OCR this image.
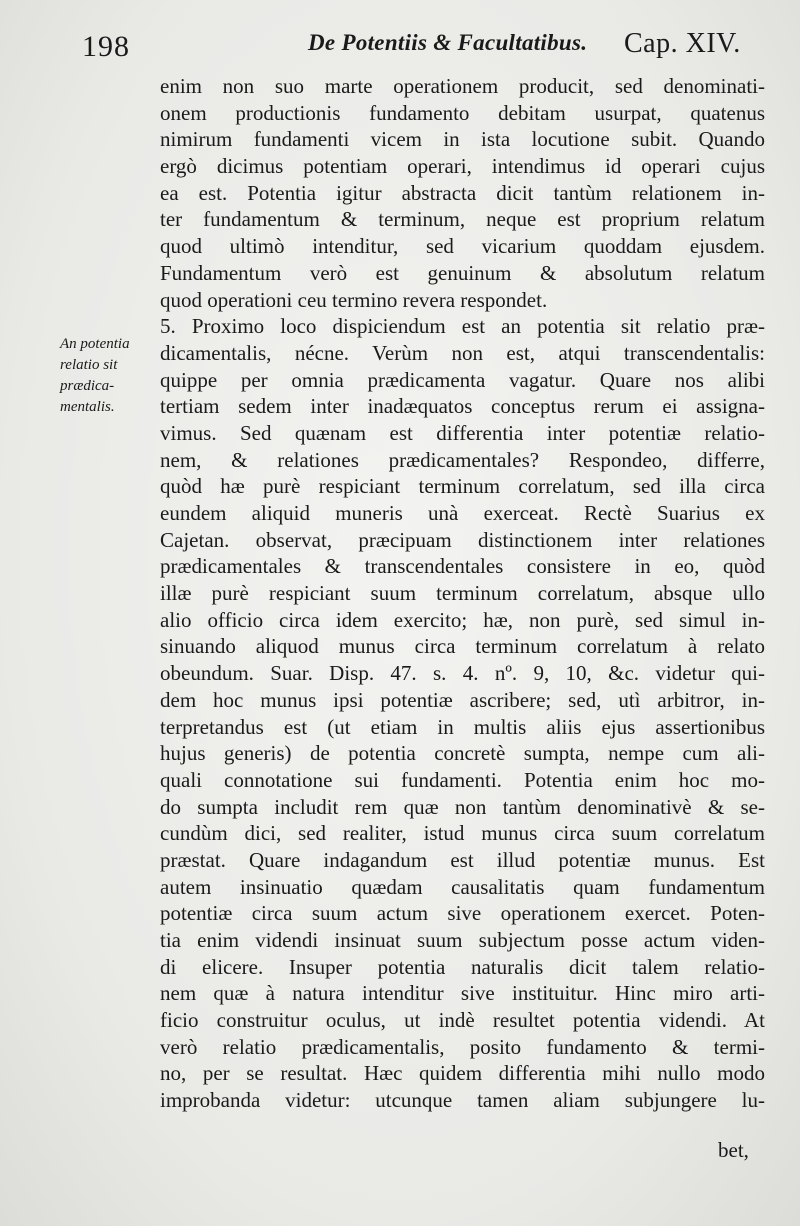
198	De Potentiis & Facultatibus. Cap. XIV.
An potentia
relatio sit
prædica-
mentalis.
enim non suo marte operationem producit, sed denominati-
onem productionis fundamento debitam usurpat, quatenus
nimirum fundamenti vicem in ista locutione subit. Quando
ergò dicimus potentiam operari, intendimus id operari cujus
ea est. Potentia igitur abstracta dicit tantùm relationem in-
ter fundamentum & terminum, neque est proprium relatum
quod ultimò intenditur, sed vicarium quoddam ejusdem.
Fundamentum verò est genuinum & absolutum relatum
quod operationi ceu termino revera respondet.
5. Proximo loco dispiciendum est an potentia sit relatio præ-
dicamentalis, néсne. Verùm non est, atqui transcendentalis:
quippe per omnia prædicamenta vagatur. Quare nos alibi
tertiam sedem inter inadæquatos conceptus rerum ei assigna-
vimus. Sed quænam est differentia inter potentiæ relatio-
nem, & relationes prædicamentales? Respondeo, differre,
quòd hæ purè respiciant terminum correlatum, sed illa circa
eundem aliquid muneris unà exerceat. Rectè Suarius ex
Cajetan. observat, præcipuam distinctionem inter relationes
prædicamentales & transcendentales consistere in eo, quòd
illæ purè respiciant suum terminum correlatum, absque ullo
alio officio circa idem exercito; hæ, non purè, sed simul in-
sinuando aliquod munus circa terminum correlatum à relato
obeundum. Suar. Disp. 47. s. 4. nº. 9, 10, &c. videtur qui-
dem hoc munus ipsi potentiæ ascribere; sed, utì arbitror, in-
terpretandus est (ut etiam in multis aliis ejus assertionibus
hujus generis) de potentia concretè sumpta, nempe cum ali-
quali connotatione sui fundamenti. Potentia enim hoc mo-
do sumpta includit rem quæ non tantùm denominativè & se-
cundùm dici, sed realiter, istud munus circa suum correlatum
præstat. Quare indagandum est illud potentiæ munus. Est
autem insinuatio quædam causalitatis quam fundamentum
potentiæ circa suum actum sive operationem exercet. Poten-
tia enim videndi insinuat suum subjectum posse actum viden-
di elicere. Insuper potentia naturalis dicit talem relatio-
nem quæ à natura intenditur sive instituitur. Hinc miro arti-
ficio construitur oculus, ut indè resultet potentia videndi. At
verò relatio prædicamentalis, posito fundamento & termi-
no, per se resultat. Hæc quidem differentia mihi nullo modo
improbanda videtur: utcunque tamen aliam subjungere lu-
bet,
